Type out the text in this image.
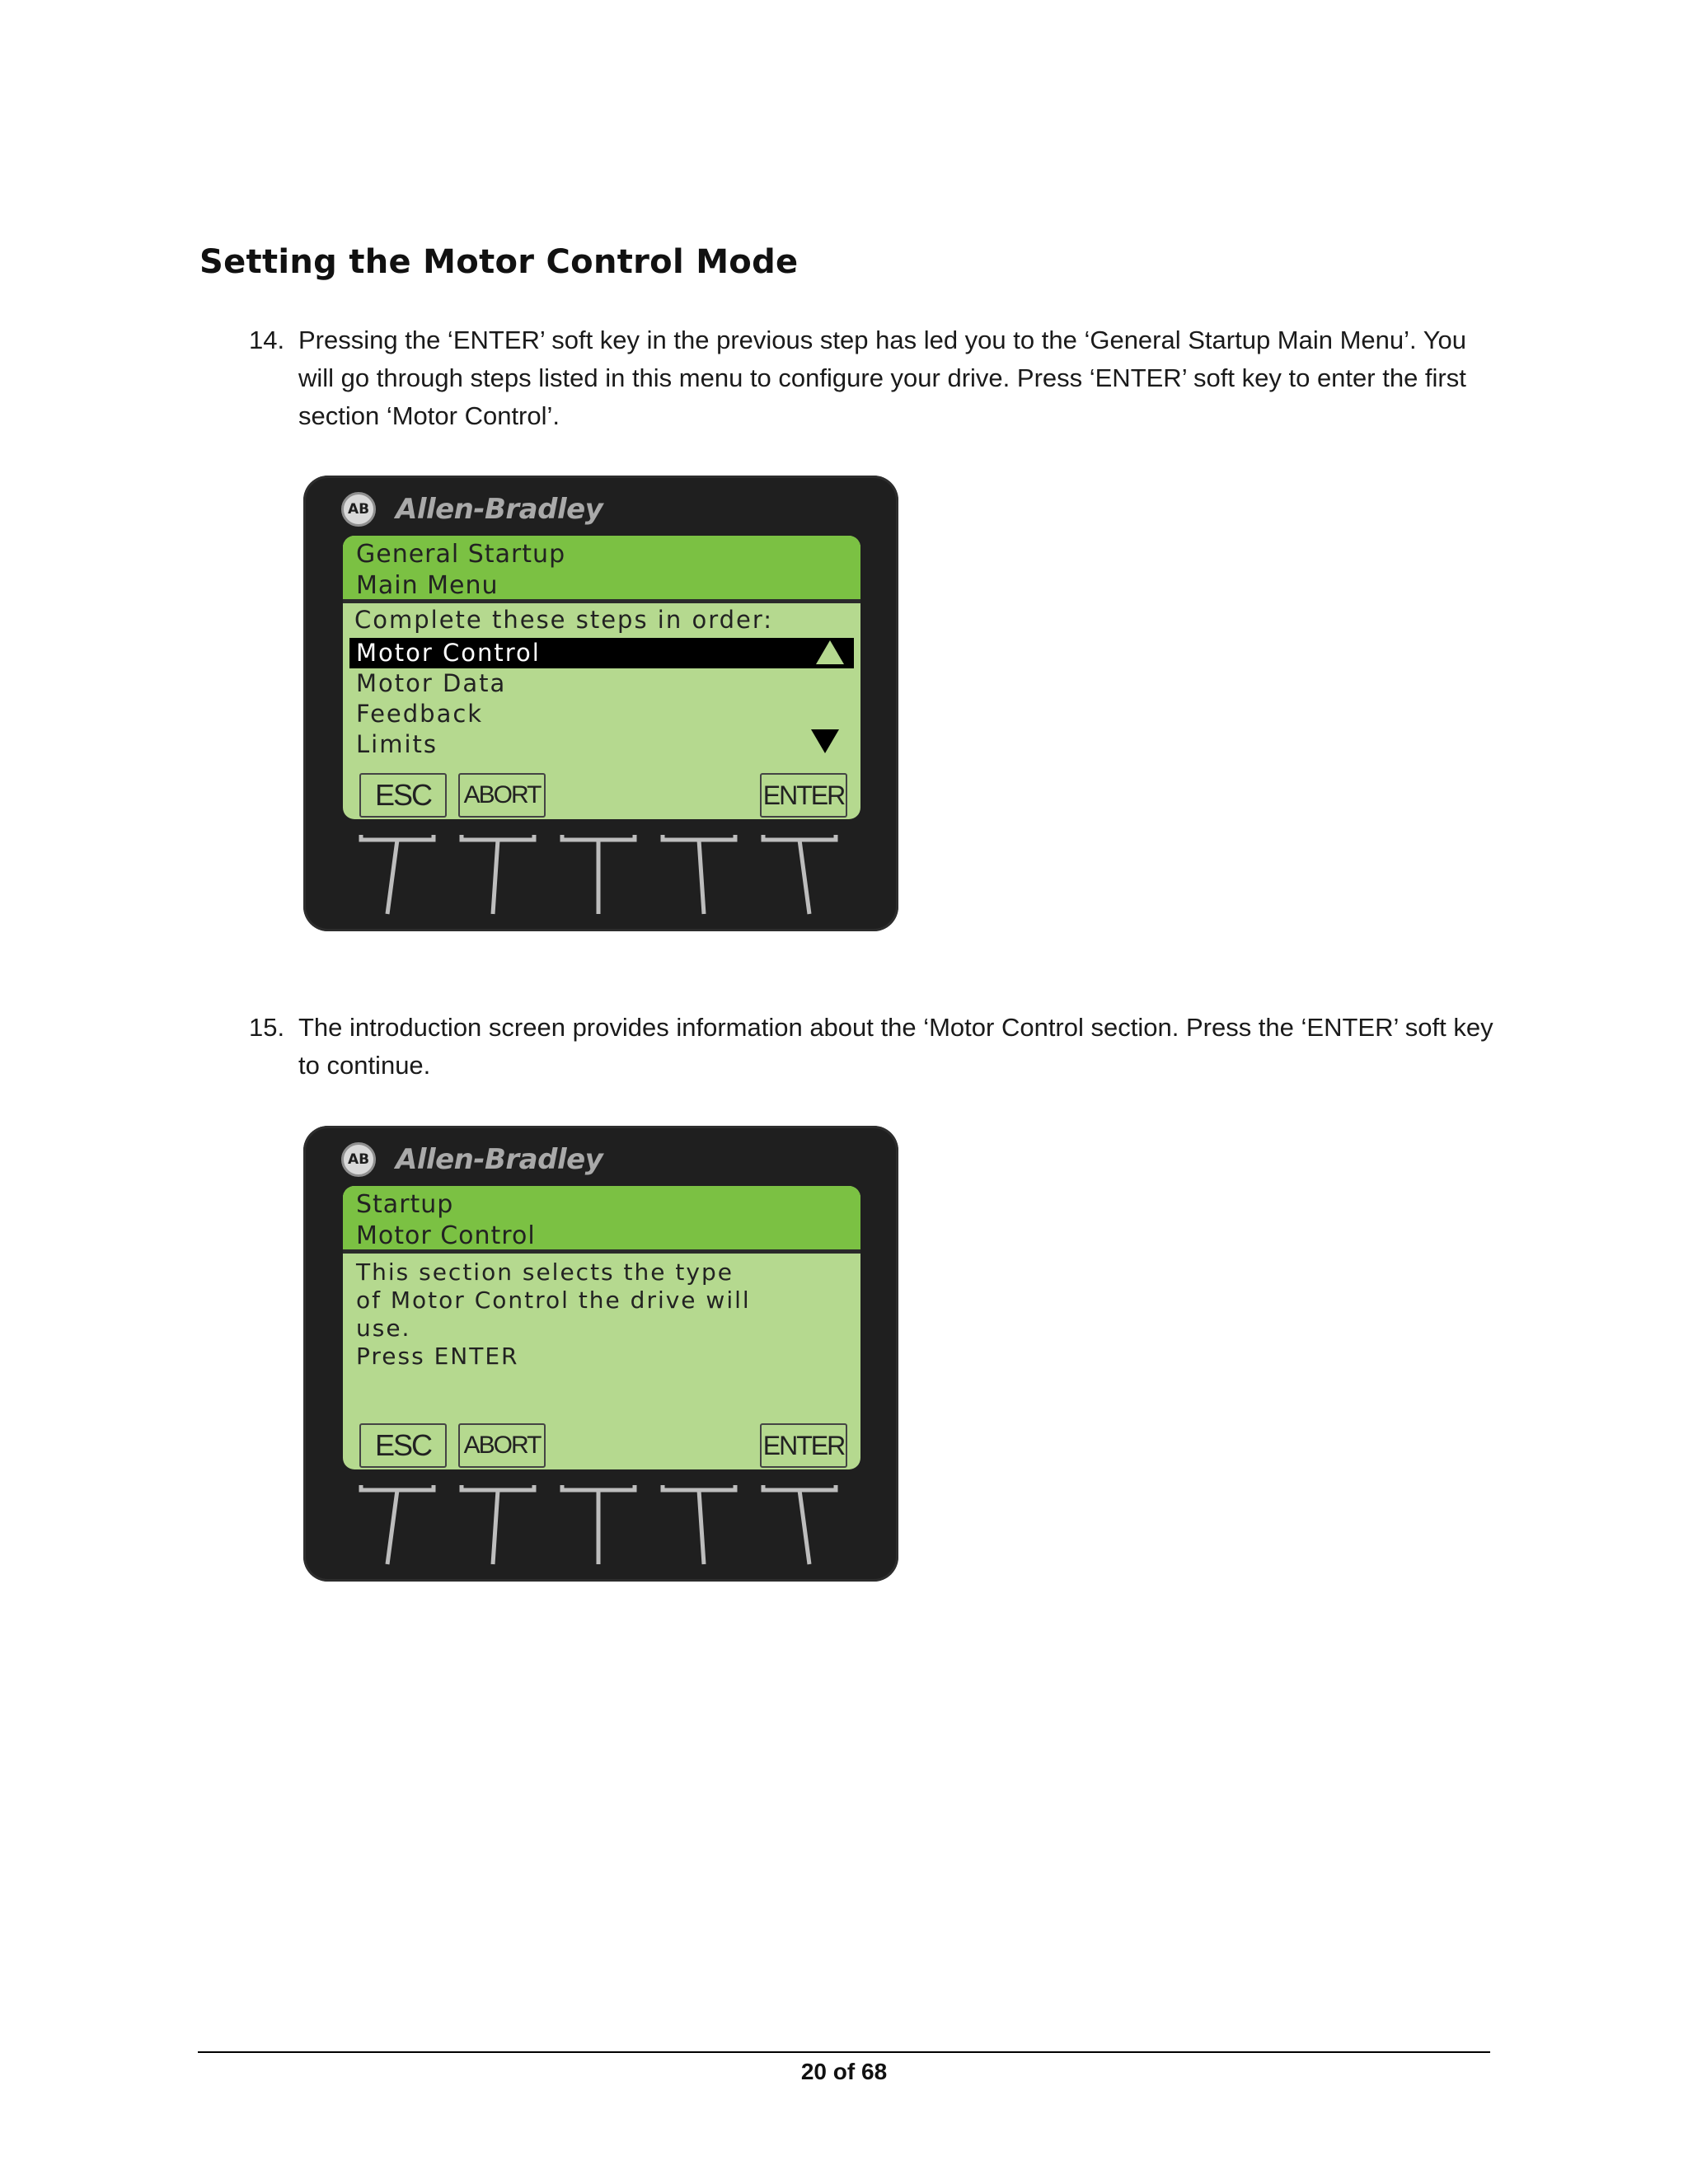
Setting the Motor Control Mode
14. Pressing the ‘ENTER’ soft key in the previous step has led you to the ‘General Startup Main Menu’. You will go through steps listed in this menu to configure your drive. Press ‘ENTER’ soft key to enter the first section ‘Motor Control’.
AB Allen-Bradley
General Startup
Main Menu
Complete these steps in order:
Motor Control
Motor Data
Feedback
Limits
ESC	ABORT	ENTER
15. The introduction screen provides information about the ‘Motor Control section. Press the ‘ENTER’ soft key to continue.
AB Allen-Bradley
Startup
Motor Control
This section selects the type
of Motor Control the drive will
use.
Press ENTER
ESC	ABORT	ENTER
20 of 68
